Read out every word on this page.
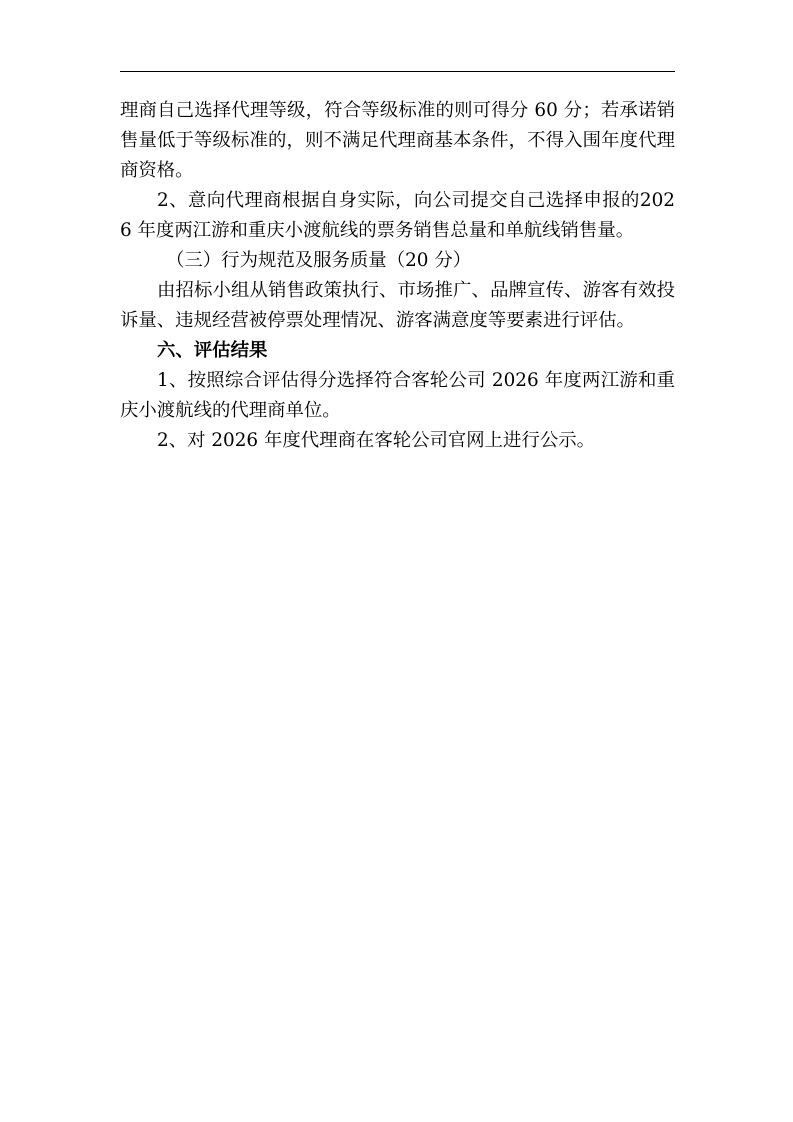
理商自己选择代理等级，符合等级标准的则可得分 60 分；若承诺销售量低于等级标准的，则不满足代理商基本条件，不得入围年度代理商资格。

2、意向代理商根据自身实际，向公司提交自己选择申报的2026 年度两江游和重庆小渡航线的票务销售总量和单航线销售量。

（三）行为规范及服务质量（20 分）

由招标小组从销售政策执行、市场推广、品牌宣传、游客有效投诉量、违规经营被停票处理情况、游客满意度等要素进行评估。

六、评估结果

1、按照综合评估得分选择符合客轮公司 2026 年度两江游和重庆小渡航线的代理商单位。

2、对 2026 年度代理商在客轮公司官网上进行公示。
